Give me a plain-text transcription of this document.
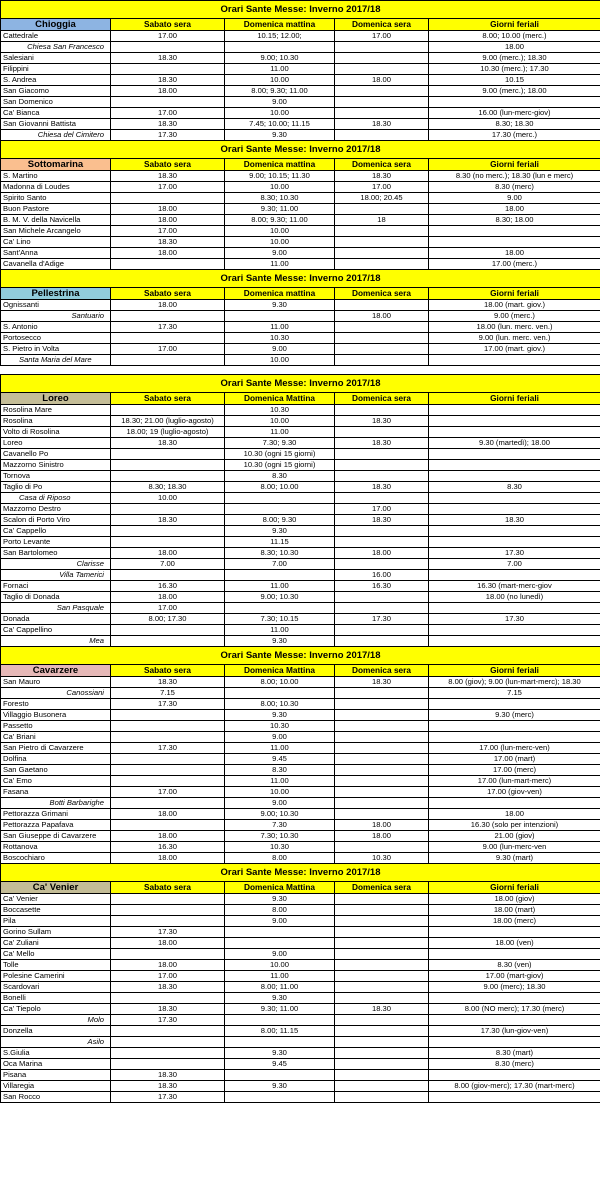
Orari Sante Messe: Inverno 2017/18				
Chioggia	Sabato sera	Domenica mattina	Domenica sera	Giorni feriali
Cattedrale	17.00	10.15; 12.00;	17.00	8.00; 10.00 (merc.)
Chiesa San Francesco				18.00
Salesiani	18.30	9.00; 10.30		9.00 (merc.); 18.30
Filippini		11.00		10.30 (merc.); 17.30
S. Andrea	18.30	10.00	18.00	10.15
San Giacomo	18.00	8.00; 9.30; 11.00		9.00 (merc.); 18.00
San Domenico		9.00		
Ca' Bianca	17.00	10.00		16.00 (lun-merc-giov)
San Giovanni Battista	18.30	7.45; 10.00; 11.15	18.30	8.30; 18.30
Chiesa del Cimitero	17.30	9.30		17.30 (merc.)
Orari Sante Messe: Inverno 2017/18				
Sottomarina	Sabato sera	Domenica mattina	Domenica sera	Giorni feriali
S. Martino	18.30	9.00; 10.15; 11.30	18.30	8.30 (no merc.); 18.30 (lun e merc)
Madonna di Loudes	17.00	10.00	17.00	8.30 (merc)
Spirito Santo		8.30; 10.30	18.00; 20.45	9.00
Buon Pastore	18.00	9.30; 11.00		18.00
B. M. V. della Navicella	18.00	8.00; 9.30; 11.00	18	8.30; 18.00
San Michele Arcangelo	17.00	10.00		
Ca' Lino	18.30	10.00		
Sant'Anna	18.00	9.00		18.00
Cavanella d'Adige		11.00		17.00 (merc.)
Orari Sante Messe: Inverno 2017/18				
Pellestrina	Sabato sera	Domenica mattina	Domenica sera	Giorni feriali
Ognissanti	18.00	9.30		18.00 (mart. giov.)
Santuario			18.00	9.00 (merc.)
S. Antonio	17.30	11.00		18.00 (lun. merc. ven.)
Portosecco		10.30		9.00 (lun. merc. ven.)
S. Pietro in Volta	17.00	9.00		17.00 (mart. giov.)
Santa Maria del Mare		10.00		

Orari Sante Messe: Inverno 2017/18				
Loreo	Sabato sera	Domenica Mattina	Domenica sera	Giorni feriali
Rosolina Mare		10.30		
Rosolina	18.30; 21.00 (luglio-agosto)	10.00	18.30	
Volto di Rosolina	18.00; 19 (luglio-agosto)	11.00		
Loreo	18.30	7.30; 9.30	18.30	9.30 (martedì); 18.00
Cavanello Po		10.30 (ogni 15 giorni)		
Mazzorno Sinistro		10.30 (ogni 15 giorni)		
Tornova		8.30		
Taglio di Po	8.30; 18.30	8.00; 10.00	18.30	8.30
Casa di Riposo	10.00			
Mazzorno Destro			17.00	
Scalon di Porto Viro	18.30	8.00; 9.30	18.30	18.30
Ca' Cappello		9.30		
Porto Levante		11.15		
San Bartolomeo	18.00	8.30; 10.30	18.00	17.30
Clarisse	7.00	7.00		7.00
Villa Tamerici			16.00	
Fornaci	16.30	11.00	16.30	16.30 (mart-merc-giov
Taglio di Donada	18.00	9.00; 10.30		18.00 (no lunedì)
San Pasquale	17.00			
Donada	8.00; 17.30	7.30; 10.15	17.30	17.30
Ca' Cappellino		11.00		
Mea		9.30		
Orari Sante Messe: Inverno 2017/18				
Cavarzere	Sabato sera	Domenica Mattina	Domenica sera	Giorni feriali
San Mauro	18.30	8.00; 10.00	18.30	8.00 (giov); 9.00 (lun-mart-merc); 18.30
Canossiani	7.15			7.15
Foresto	17.30	8.00; 10.30		
Villaggio Busonera		9.30		9.30 (merc)
Passetto		10.30		
Ca' Briani		9.00		
San Pietro di Cavarzere	17.30	11.00		17.00 (lun-merc-ven)
Dolfina		9.45		17.00 (mart)
San Gaetano		8.30		17.00 (merc)
Ca' Emo		11.00		17.00 (lun-mart-merc)
Fasana	17.00	10.00		17.00 (giov-ven)
Botti Barbarighe		9.00		
Pettorazza Grimani	18.00	9.00; 10.30		18.00
Pettorazza Papafava		7.30	18.00	16.30 (solo per intenzioni)
San Giuseppe di Cavarzere	18.00	7.30; 10.30	18.00	21.00 (giov)
Rottanova	16.30	10.30		9.00 (lun-merc-ven
Boscochiaro	18.00	8.00	10.30	9.30 (mart)
Orari Sante Messe: Inverno 2017/18				
Ca' Venier	Sabato sera	Domenica Mattina	Domenica sera	Giorni feriali
Ca' Venier		9.30		18.00 (giov)
Boccasette		8.00		18.00 (mart)
Pila		9.00		18.00 (merc)
Gorino Sullam	17.30			
Ca' Zuliani	18.00			18.00 (ven)
Ca' Mello		9.00		
Tolle	18.00	10.00		8.30 (ven)
Polesine Camerini	17.00	11.00		17.00 (mart-giov)
Scardovari	18.30	8.00; 11.00		9.00 (merc); 18.30
Bonelli		9.30		
Ca' Tiepolo	18.30	9.30; 11.00	18.30	8.00 (NO merc); 17.30 (merc)
Molo	17.30			
Donzella		8.00; 11.15		17.30 (lun-giov-ven)
Asilo				
S.Giulia		9.30		8.30 (mart)
Oca Marina		9.45		8.30 (merc)
Pisana	18.30			
Villaregia	18.30	9.30		8.00 (giov-merc); 17.30 (mart-merc)
San Rocco	17.30			
